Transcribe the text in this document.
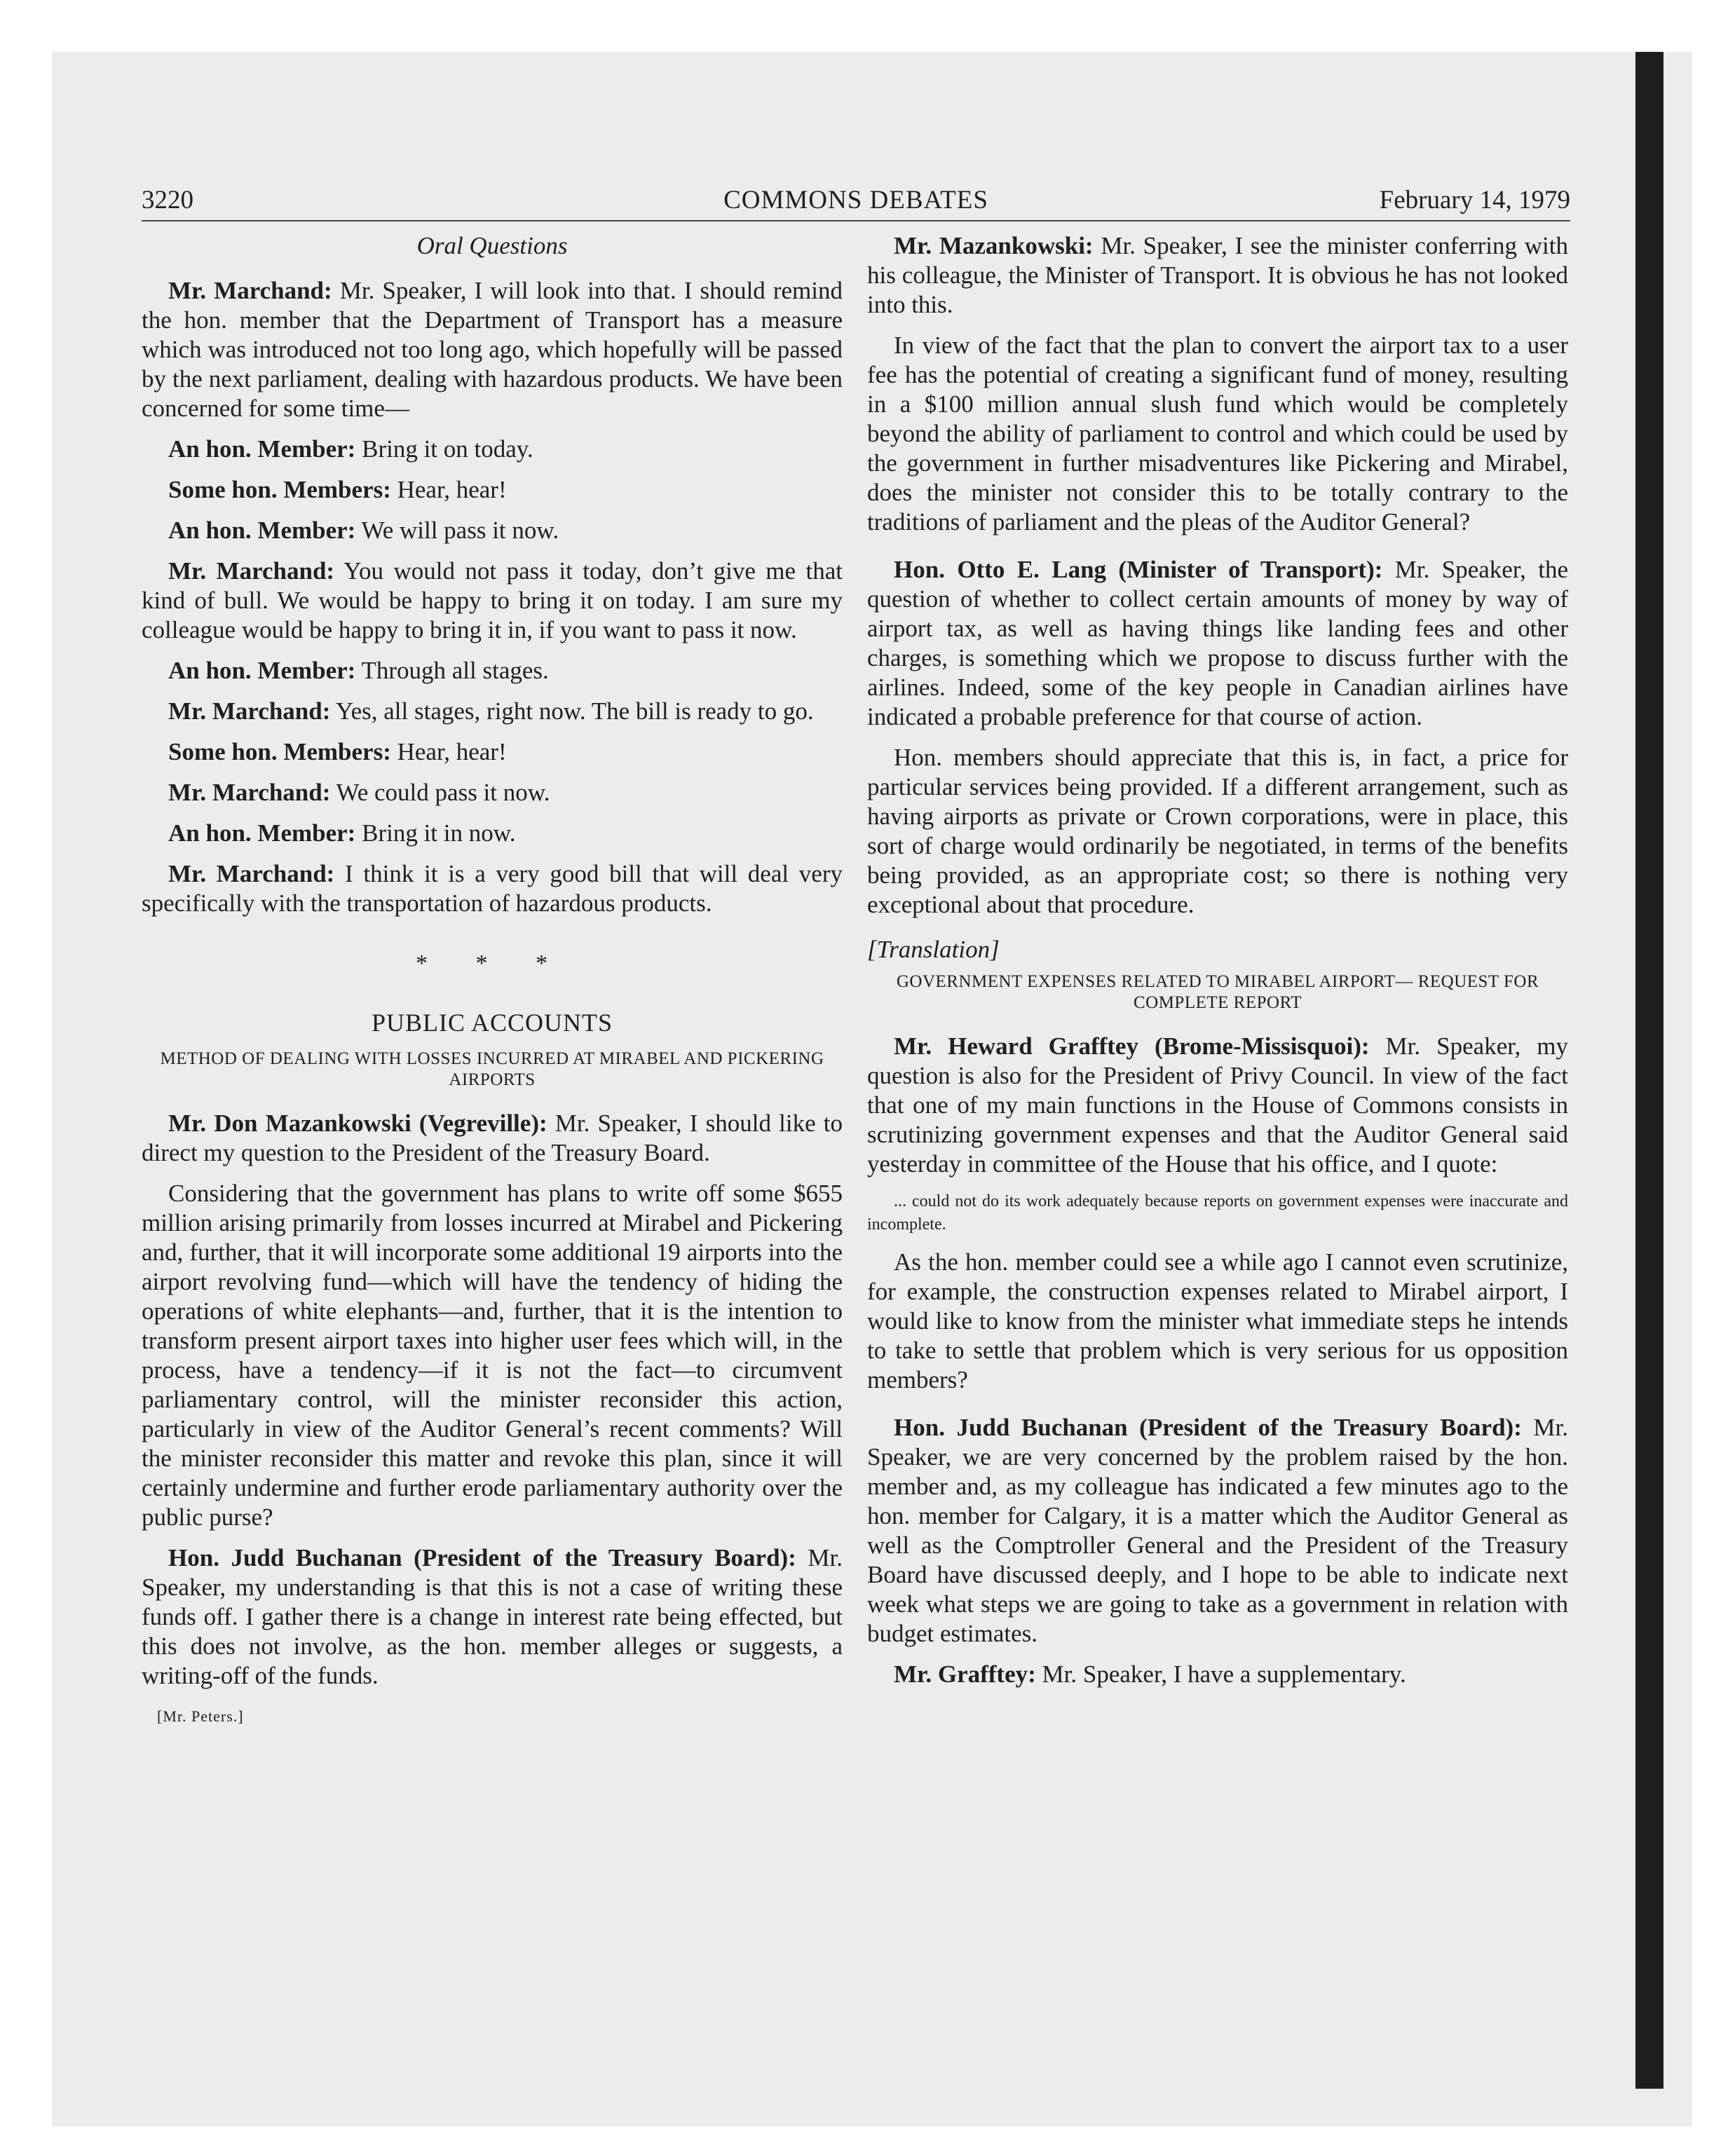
3220	COMMONS DEBATES	February 14, 1979
Oral Questions

Mr. Marchand: Mr. Speaker, I will look into that. I should remind the hon. member that the Department of Transport has a measure which was introduced not too long ago, which hopefully will be passed by the next parliament, dealing with hazardous products. We have been concerned for some time—

An hon. Member: Bring it on today.

Some hon. Members: Hear, hear!

An hon. Member: We will pass it now.

Mr. Marchand: You would not pass it today, don’t give me that kind of bull. We would be happy to bring it on today. I am sure my colleague would be happy to bring it in, if you want to pass it now.

An hon. Member: Through all stages.

Mr. Marchand: Yes, all stages, right now. The bill is ready to go.

Some hon. Members: Hear, hear!

Mr. Marchand: We could pass it now.

An hon. Member: Bring it in now.

Mr. Marchand: I think it is a very good bill that will deal very specifically with the transportation of hazardous products.

* * *
PUBLIC ACCOUNTS
METHOD OF DEALING WITH LOSSES INCURRED AT MIRABEL AND PICKERING AIRPORTS

Mr. Don Mazankowski (Vegreville): Mr. Speaker, I should like to direct my question to the President of the Treasury Board.

Considering that the government has plans to write off some $655 million arising primarily from losses incurred at Mirabel and Pickering and, further, that it will incorporate some additional 19 airports into the airport revolving fund—which will have the tendency of hiding the operations of white elephants—and, further, that it is the intention to transform present airport taxes into higher user fees which will, in the process, have a tendency—if it is not the fact—to circumvent parliamentary control, will the minister reconsider this action, particularly in view of the Auditor General’s recent comments? Will the minister reconsider this matter and revoke this plan, since it will certainly undermine and further erode parliamentary authority over the public purse?

Hon. Judd Buchanan (President of the Treasury Board): Mr. Speaker, my understanding is that this is not a case of writing these funds off. I gather there is a change in interest rate being effected, but this does not involve, as the hon. member alleges or suggests, a writing-off of the funds.

[Mr. Peters.]

Mr. Mazankowski: Mr. Speaker, I see the minister conferring with his colleague, the Minister of Transport. It is obvious he has not looked into this.

In view of the fact that the plan to convert the airport tax to a user fee has the potential of creating a significant fund of money, resulting in a $100 million annual slush fund which would be completely beyond the ability of parliament to control and which could be used by the government in further misadventures like Pickering and Mirabel, does the minister not consider this to be totally contrary to the traditions of parliament and the pleas of the Auditor General?

Hon. Otto E. Lang (Minister of Transport): Mr. Speaker, the question of whether to collect certain amounts of money by way of airport tax, as well as having things like landing fees and other charges, is something which we propose to discuss further with the airlines. Indeed, some of the key people in Canadian airlines have indicated a probable preference for that course of action.

Hon. members should appreciate that this is, in fact, a price for particular services being provided. If a different arrangement, such as having airports as private or Crown corporations, were in place, this sort of charge would ordinarily be negotiated, in terms of the benefits being provided, as an appropriate cost; so there is nothing very exceptional about that procedure.

[Translation]
GOVERNMENT EXPENSES RELATED TO MIRABEL AIRPORT— REQUEST FOR COMPLETE REPORT

Mr. Heward Grafftey (Brome-Missisquoi): Mr. Speaker, my question is also for the President of Privy Council. In view of the fact that one of my main functions in the House of Commons consists in scrutinizing government expenses and that the Auditor General said yesterday in committee of the House that his office, and I quote:

... could not do its work adequately because reports on government expenses were inaccurate and incomplete.

As the hon. member could see a while ago I cannot even scrutinize, for example, the construction expenses related to Mirabel airport, I would like to know from the minister what immediate steps he intends to take to settle that problem which is very serious for us opposition members?

Hon. Judd Buchanan (President of the Treasury Board): Mr. Speaker, we are very concerned by the problem raised by the hon. member and, as my colleague has indicated a few minutes ago to the hon. member for Calgary, it is a matter which the Auditor General as well as the Comptroller General and the President of the Treasury Board have discussed deeply, and I hope to be able to indicate next week what steps we are going to take as a government in relation with budget estimates.

Mr. Grafftey: Mr. Speaker, I have a supplementary.
